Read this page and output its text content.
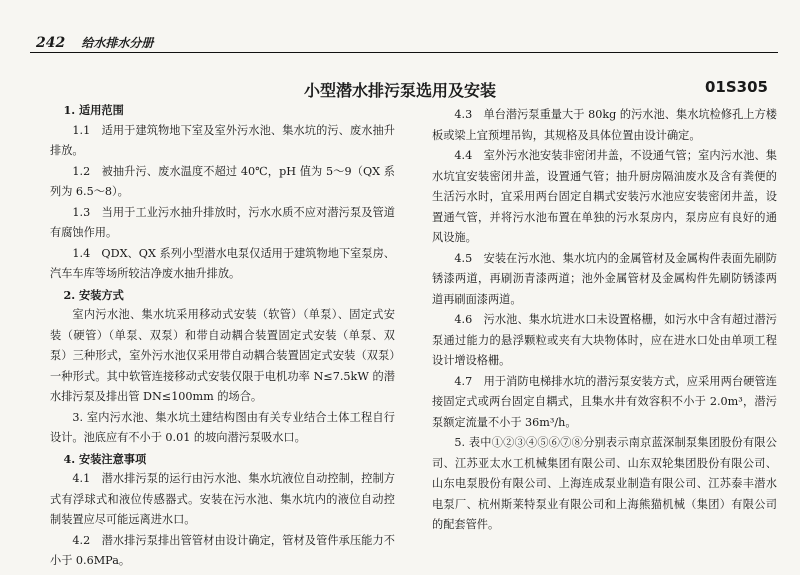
242 给水排水分册
小型潜水排污泵选用及安装	01S305

1. 适用范围

1.1　适用于建筑物地下室及室外污水池、集水坑的污、废水抽升排放。

1.2　被抽升污、废水温度不超过 40℃，pH 值为 5～9（QX 系列为 6.5～8）。

1.3　当用于工业污水抽升排放时，污水水质不应对潜污泵及管道有腐蚀作用。

1.4　QDX、QX 系列小型潜水电泵仅适用于建筑物地下室泵房、汽车车库等场所较洁净废水抽升排放。

2. 安装方式

室内污水池、集水坑采用移动式安装（软管）（单泵）、固定式安装（硬管）（单泵、双泵）和带自动耦合装置固定式安装（单泵、双泵）三种形式，室外污水池仅采用带自动耦合装置固定式安装（双泵）一种形式。其中软管连接移动式安装仅限于电机功率 N≤7.5kW 的潜水排污泵及排出管 DN≤100mm 的场合。

3. 室内污水池、集水坑土建结构图由有关专业结合土体工程自行设计。池底应有不小于 0.01 的坡向潜污泵吸水口。

4. 安装注意事项

4.1　潜水排污泵的运行由污水池、集水坑液位自动控制，控制方式有浮球式和液位传感器式。安装在污水池、集水坑内的液位自动控制装置应尽可能远离进水口。

4.2　潜水排污泵排出管管材由设计确定，管材及管件承压能力不小于 0.6MPa。

4.3　单台潜污泵重量大于 80kg 的污水池、集水坑检修孔上方楼板或梁上宜预埋吊钩，其规格及具体位置由设计确定。

4.4　室外污水池安装非密闭井盖，不设通气管；室内污水池、集水坑宜安装密闭井盖，设置通气管；抽升厨房隔油废水及含有粪便的生活污水时，宜采用两台固定自耦式安装污水池应安装密闭井盖，设置通气管，并将污水池布置在单独的污水泵房内，泵房应有良好的通风设施。

4.5　安装在污水池、集水坑内的金属管材及金属构件表面先刷防锈漆两道，再刷沥青漆两道；池外金属管材及金属构件先刷防锈漆两道再刷面漆两道。

4.6　污水池、集水坑进水口未设置格栅，如污水中含有超过潜污泵通过能力的悬浮颗粒或夹有大块物体时，应在进水口处由单项工程设计增设格栅。

4.7　用于消防电梯排水坑的潜污泵安装方式，应采用两台硬管连接固定式或两台固定自耦式，且集水井有效容积不小于 2.0m³，潜污泵额定流量不小于 36m³/h。

5. 表中①②③④⑤⑥⑦⑧分别表示南京蓝深制泵集团股份有限公司、江苏亚太水工机械集团有限公司、山东双轮集团股份有限公司、山东电泵股份有限公司、上海连成泵业制造有限公司、江苏泰丰潜水电泵厂、杭州斯莱特泵业有限公司和上海熊猫机械（集团）有限公司的配套管件。
